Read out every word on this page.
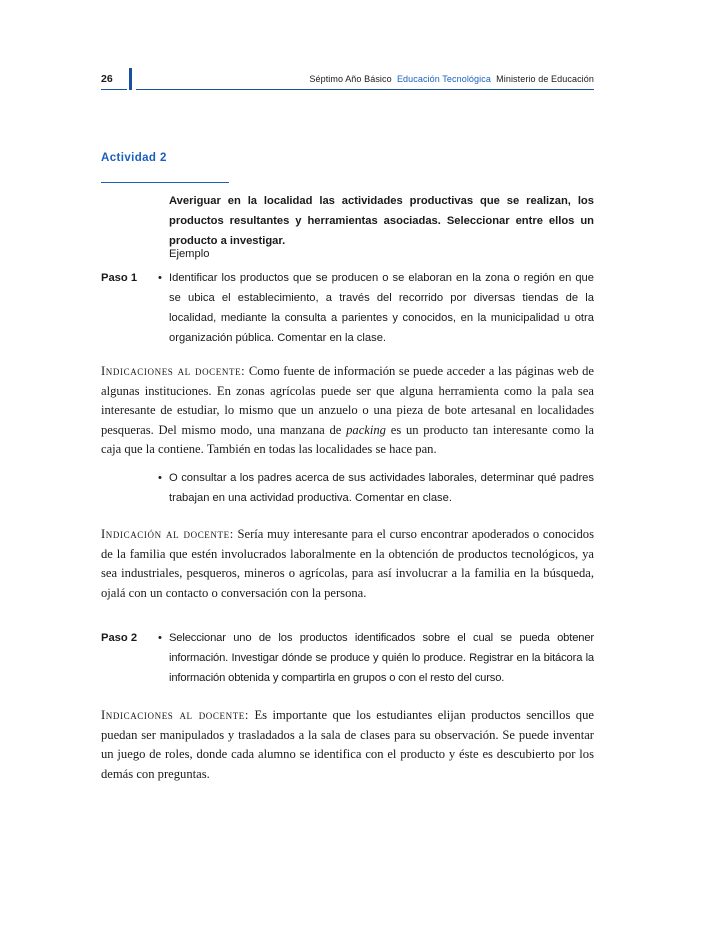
26	Séptimo Año Básico Educación Tecnológica Ministerio de Educación
Actividad 2
Averiguar en la localidad las actividades productivas que se realizan, los productos resultantes y herramientas asociadas. Seleccionar entre ellos un producto a investigar.
Ejemplo
Paso 1 • Identificar los productos que se producen o se elaboran en la zona o región en que se ubica el establecimiento, a través del recorrido por diversas tiendas de la localidad, mediante la consulta a parientes y conocidos, en la municipalidad u otra organización pública. Comentar en la clase.
Indicaciones al docente: Como fuente de información se puede acceder a las páginas web de algunas instituciones. En zonas agrícolas puede ser que alguna herramienta como la pala sea interesante de estudiar, lo mismo que un anzuelo o una pieza de bote artesanal en localidades pesqueras. Del mismo modo, una manzana de packing es un producto tan interesante como la caja que la contiene. También en todas las localidades se hace pan.
• O consultar a los padres acerca de sus actividades laborales, determinar qué padres trabajan en una actividad productiva. Comentar en clase.
Indicación al docente: Sería muy interesante para el curso encontrar apoderados o conocidos de la familia que estén involucrados laboralmente en la obtención de productos tecnológicos, ya sea industriales, pesqueros, mineros o agrícolas, para así involucrar a la familia en la búsqueda, ojalá con un contacto o conversación con la persona.
Paso 2 • Seleccionar uno de los productos identificados sobre el cual se pueda obtener información. Investigar dónde se produce y quién lo produce. Registrar en la bitácora la información obtenida y compartirla en grupos o con el resto del curso.
Indicaciones al docente: Es importante que los estudiantes elijan productos sencillos que puedan ser manipulados y trasladados a la sala de clases para su observación. Se puede inventar un juego de roles, donde cada alumno se identifica con el producto y éste es descubierto por los demás con preguntas.
